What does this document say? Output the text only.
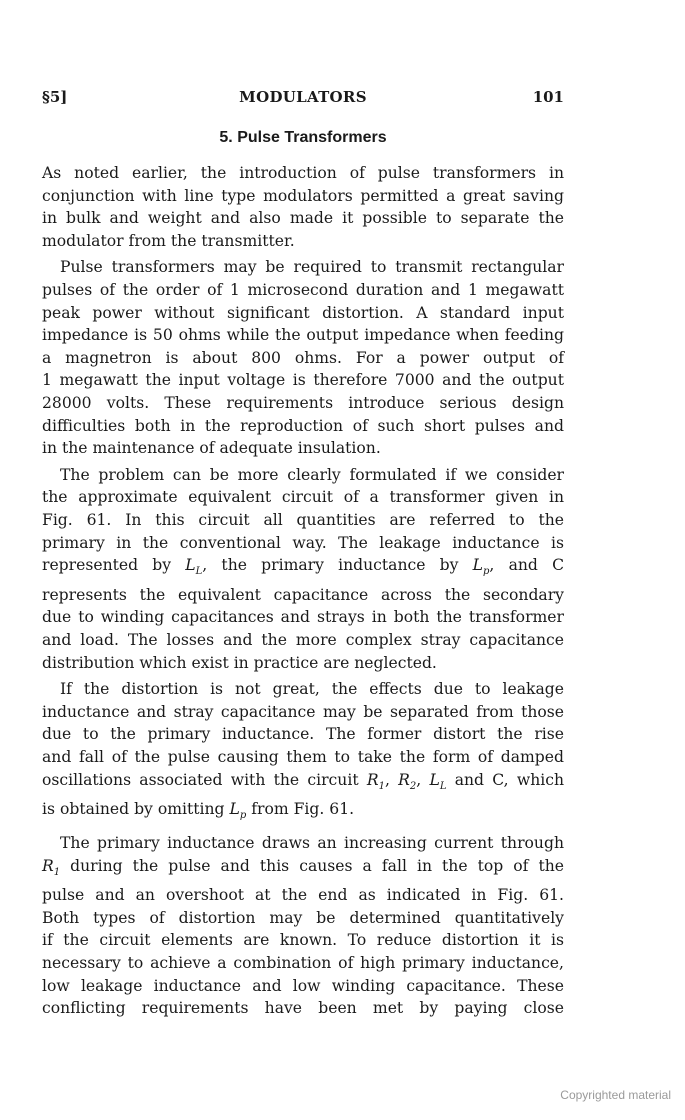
§5]	MODULATORS	101
5. Pulse Transformers

As noted earlier, the introduction of pulse transformers in
conjunction with line type modulators permitted a great saving
in bulk and weight and also made it possible to separate the
modulator from the transmitter.

Pulse transformers may be required to transmit rectangular
pulses of the order of 1 microsecond duration and 1 megawatt
peak power without significant distortion. A standard input
impedance is 50 ohms while the output impedance when feeding
a magnetron is about 800 ohms. For a power output of
1 megawatt the input voltage is therefore 7000 and the output
28000 volts. These requirements introduce serious design
difficulties both in the reproduction of such short pulses and
in the maintenance of adequate insulation.

The problem can be more clearly formulated if we consider
the approximate equivalent circuit of a transformer given in
Fig. 61. In this circuit all quantities are referred to the
primary in the conventional way. The leakage inductance is
represented by $L_L$, the primary inductance by $L_p$, and C
represents the equivalent capacitance across the secondary
due to winding capacitances and strays in both the transformer
and load. The losses and the more complex stray capacitance
distribution which exist in practice are neglected.

If the distortion is not great, the effects due to leakage
inductance and stray capacitance may be separated from those
due to the primary inductance. The former distort the rise
and fall of the pulse causing them to take the form of damped
oscillations associated with the circuit $R_1$, $R_2$, $L_L$ and C, which
is obtained by omitting $L_p$ from Fig. 61.

The primary inductance draws an increasing current through
$R_1$ during the pulse and this causes a fall in the top of the
pulse and an overshoot at the end as indicated in Fig. 61.
Both types of distortion may be determined quantitatively
if the circuit elements are known. To reduce distortion it is
necessary to achieve a combination of high primary inductance,
low leakage inductance and low winding capacitance. These
conflicting requirements have been met by paying close

Copyrighted material
